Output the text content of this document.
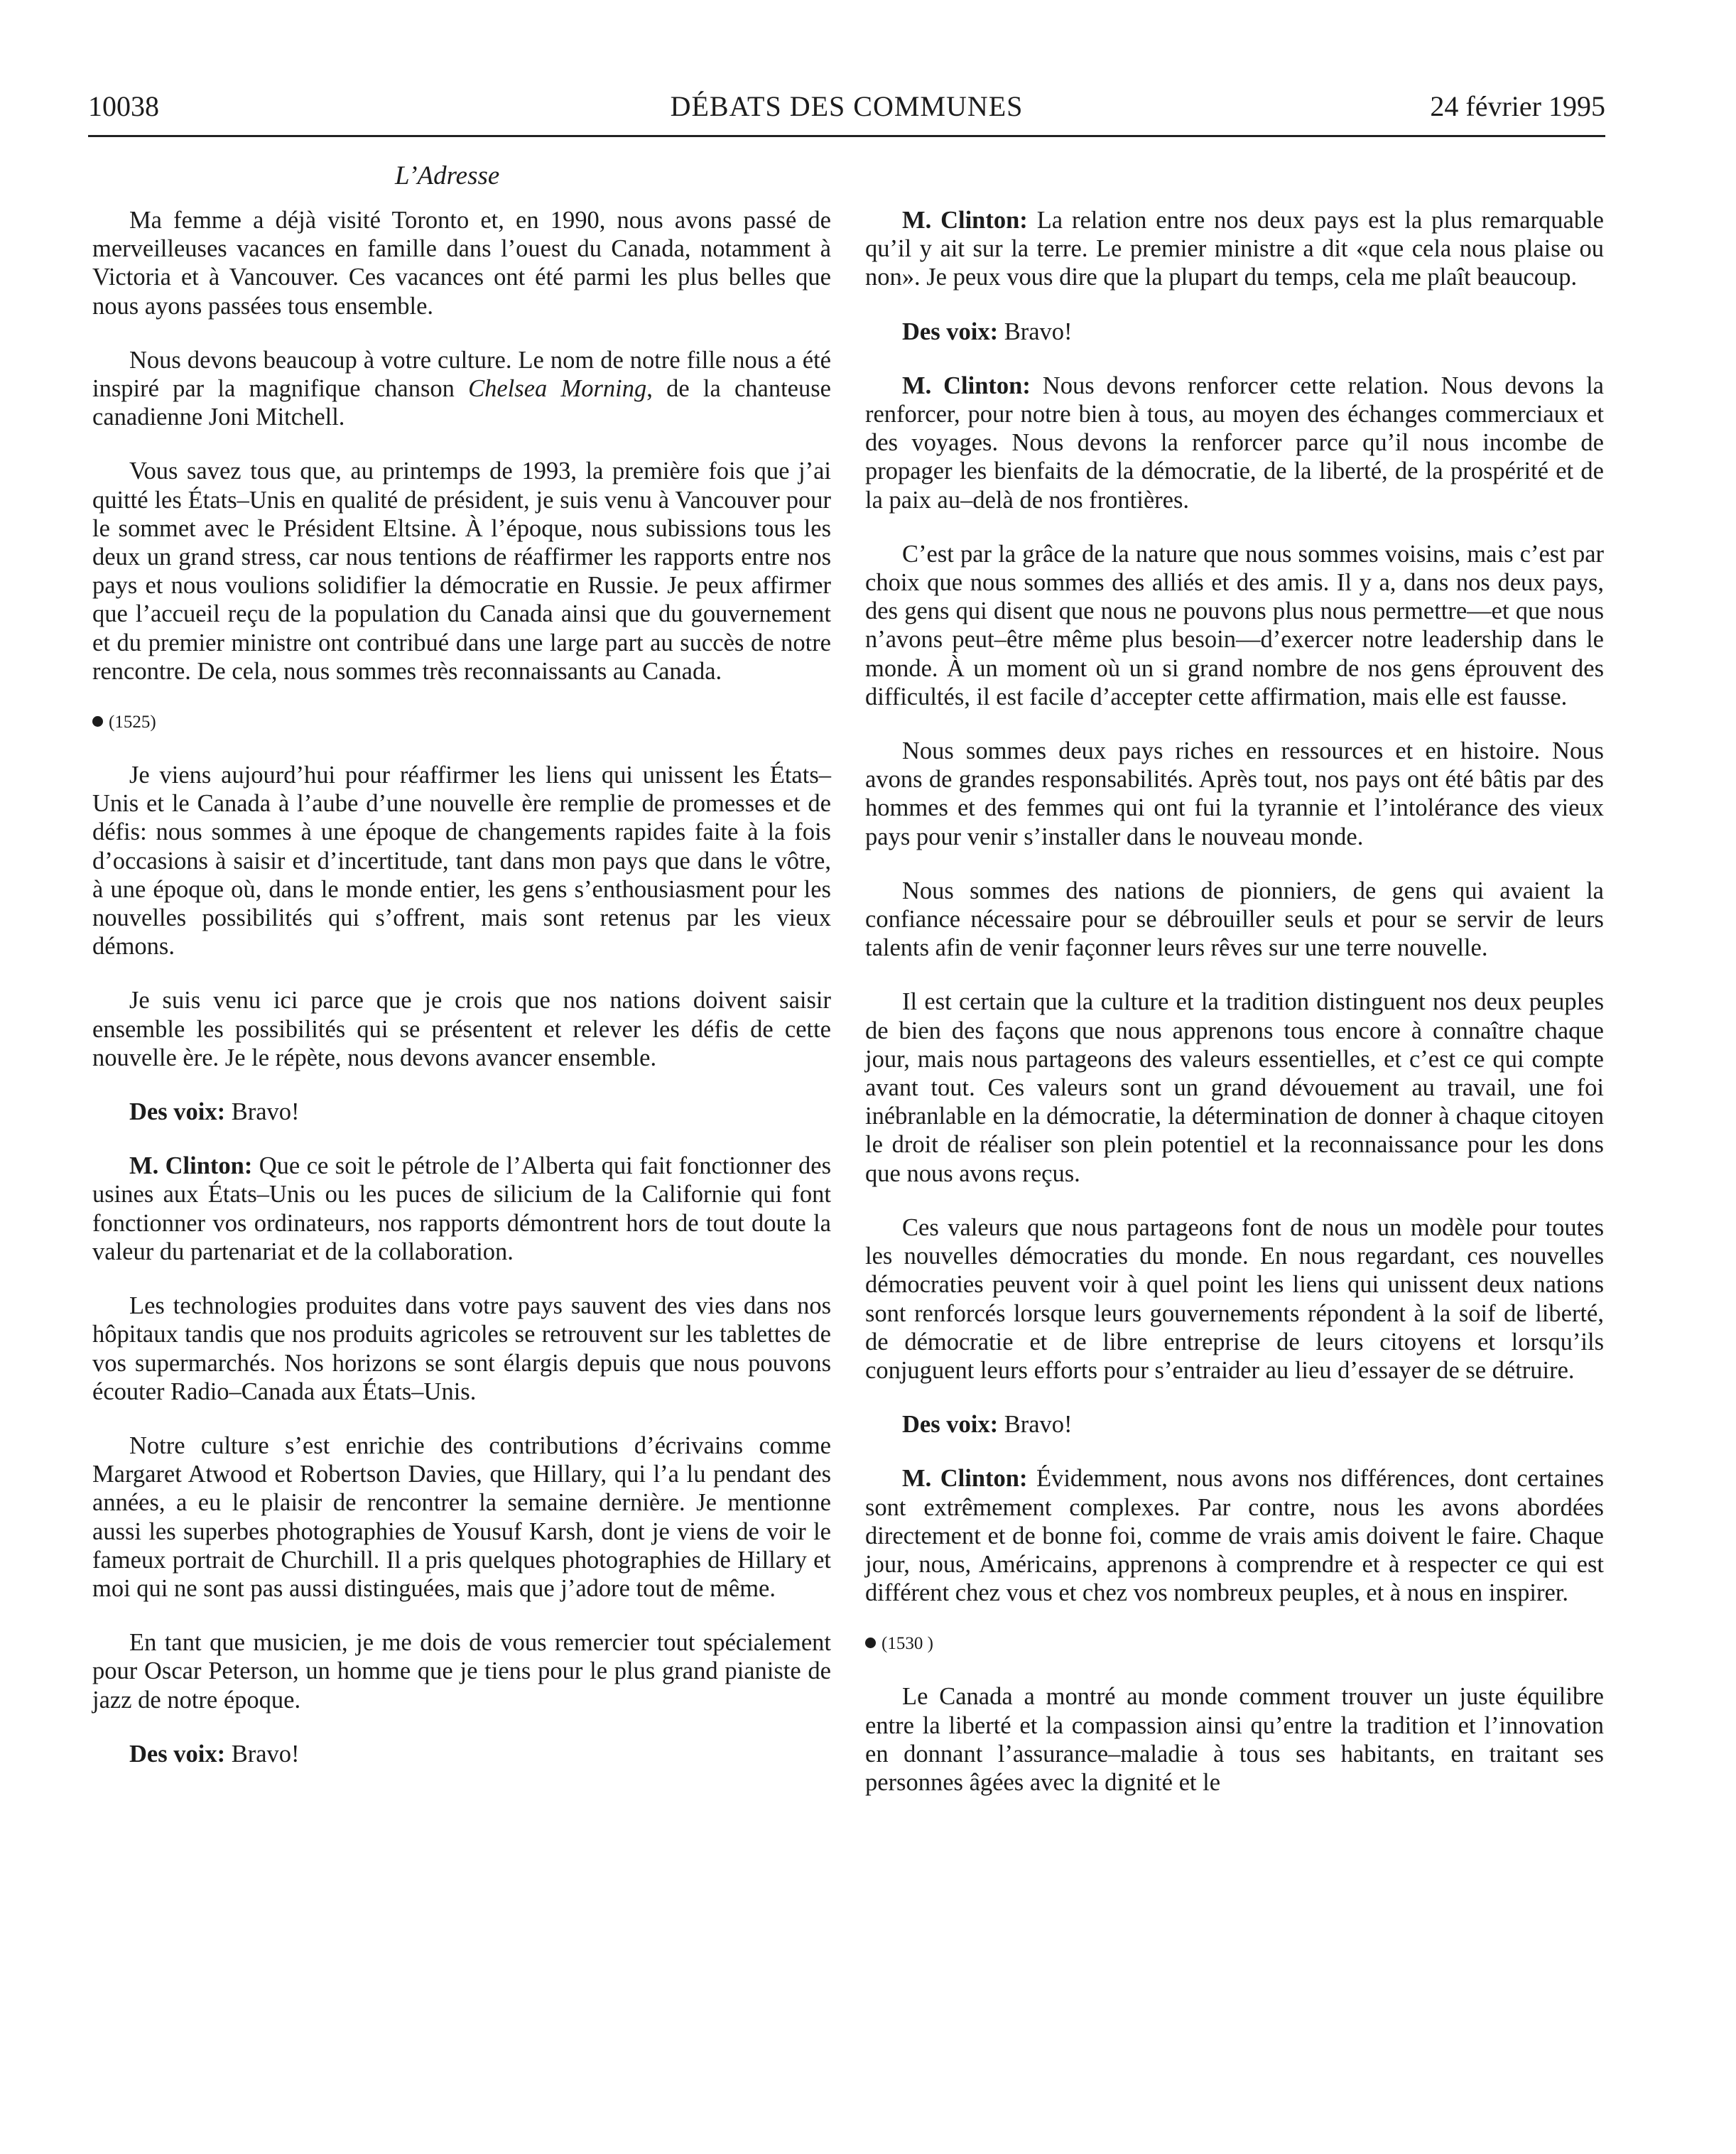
10038	DÉBATS DES COMMUNES	24 février 1995
L’Adresse

Ma femme a déjà visité Toronto et, en 1990, nous avons passé de merveilleuses vacances en famille dans l’ouest du Canada, notamment à Victoria et à Vancouver. Ces vacances ont été parmi les plus belles que nous ayons passées tous ensemble.

Nous devons beaucoup à votre culture. Le nom de notre fille nous a été inspiré par la magnifique chanson Chelsea Morning, de la chanteuse canadienne Joni Mitchell.

Vous savez tous que, au printemps de 1993, la première fois que j’ai quitté les États–Unis en qualité de président, je suis venu à Vancouver pour le sommet avec le Président Eltsine. À l’époque, nous subissions tous les deux un grand stress, car nous tentions de réaffirmer les rapports entre nos pays et nous voulions solidifier la démocratie en Russie. Je peux affirmer que l’accueil reçu de la population du Canada ainsi que du gouvernement et du premier ministre ont contribué dans une large part au succès de notre rencontre. De cela, nous sommes très reconnaissants au Canada.

(1525)

Je viens aujourd’hui pour réaffirmer les liens qui unissent les États–Unis et le Canada à l’aube d’une nouvelle ère remplie de promesses et de défis: nous sommes à une époque de changements rapides faite à la fois d’occasions à saisir et d’incertitude, tant dans mon pays que dans le vôtre, à une époque où, dans le monde entier, les gens s’enthousiasment pour les nouvelles possibilités qui s’offrent, mais sont retenus par les vieux démons.

Je suis venu ici parce que je crois que nos nations doivent saisir ensemble les possibilités qui se présentent et relever les défis de cette nouvelle ère. Je le répète, nous devons avancer ensemble.

Des voix: Bravo!

M. Clinton: Que ce soit le pétrole de l’Alberta qui fait fonctionner des usines aux États–Unis ou les puces de silicium de la Californie qui font fonctionner vos ordinateurs, nos rapports démontrent hors de tout doute la valeur du partenariat et de la collaboration.

Les technologies produites dans votre pays sauvent des vies dans nos hôpitaux tandis que nos produits agricoles se retrouvent sur les tablettes de vos supermarchés. Nos horizons se sont élargis depuis que nous pouvons écouter Radio–Canada aux États–Unis.

Notre culture s’est enrichie des contributions d’écrivains comme Margaret Atwood et Robertson Davies, que Hillary, qui l’a lu pendant des années, a eu le plaisir de rencontrer la semaine dernière. Je mentionne aussi les superbes photographies de Yousuf Karsh, dont je viens de voir le fameux portrait de Churchill. Il a pris quelques photographies de Hillary et moi qui ne sont pas aussi distinguées, mais que j’adore tout de même.

En tant que musicien, je me dois de vous remercier tout spécialement pour Oscar Peterson, un homme que je tiens pour le plus grand pianiste de jazz de notre époque.

Des voix: Bravo!

M. Clinton: La relation entre nos deux pays est la plus remarquable qu’il y ait sur la terre. Le premier ministre a dit «que cela nous plaise ou non». Je peux vous dire que la plupart du temps, cela me plaît beaucoup.

Des voix: Bravo!

M. Clinton: Nous devons renforcer cette relation. Nous devons la renforcer, pour notre bien à tous, au moyen des échanges commerciaux et des voyages. Nous devons la renforcer parce qu’il nous incombe de propager les bienfaits de la démocratie, de la liberté, de la prospérité et de la paix au–delà de nos frontières.

C’est par la grâce de la nature que nous sommes voisins, mais c’est par choix que nous sommes des alliés et des amis. Il y a, dans nos deux pays, des gens qui disent que nous ne pouvons plus nous permettre—et que nous n’avons peut–être même plus besoin—d’exercer notre leadership dans le monde. À un moment où un si grand nombre de nos gens éprouvent des difficultés, il est facile d’accepter cette affirmation, mais elle est fausse.

Nous sommes deux pays riches en ressources et en histoire. Nous avons de grandes responsabilités. Après tout, nos pays ont été bâtis par des hommes et des femmes qui ont fui la tyrannie et l’intolérance des vieux pays pour venir s’installer dans le nouveau monde.

Nous sommes des nations de pionniers, de gens qui avaient la confiance nécessaire pour se débrouiller seuls et pour se servir de leurs talents afin de venir façonner leurs rêves sur une terre nouvelle.

Il est certain que la culture et la tradition distinguent nos deux peuples de bien des façons que nous apprenons tous encore à connaître chaque jour, mais nous partageons des valeurs essentielles, et c’est ce qui compte avant tout. Ces valeurs sont un grand dévouement au travail, une foi inébranlable en la démocratie, la détermination de donner à chaque citoyen le droit de réaliser son plein potentiel et la reconnaissance pour les dons que nous avons reçus.

Ces valeurs que nous partageons font de nous un modèle pour toutes les nouvelles démocraties du monde. En nous regardant, ces nouvelles démocraties peuvent voir à quel point les liens qui unissent deux nations sont renforcés lorsque leurs gouvernements répondent à la soif de liberté, de démocratie et de libre entreprise de leurs citoyens et lorsqu’ils conjuguent leurs efforts pour s’entraider au lieu d’essayer de se détruire.

Des voix: Bravo!

M. Clinton: Évidemment, nous avons nos différences, dont certaines sont extrêmement complexes. Par contre, nous les avons abordées directement et de bonne foi, comme de vrais amis doivent le faire. Chaque jour, nous, Américains, apprenons à comprendre et à respecter ce qui est différent chez vous et chez vos nombreux peuples, et à nous en inspirer.

(1530 )

Le Canada a montré au monde comment trouver un juste équilibre entre la liberté et la compassion ainsi qu’entre la tradition et l’innovation en donnant l’assurance–maladie à tous ses habitants, en traitant ses personnes âgées avec la dignité et le
